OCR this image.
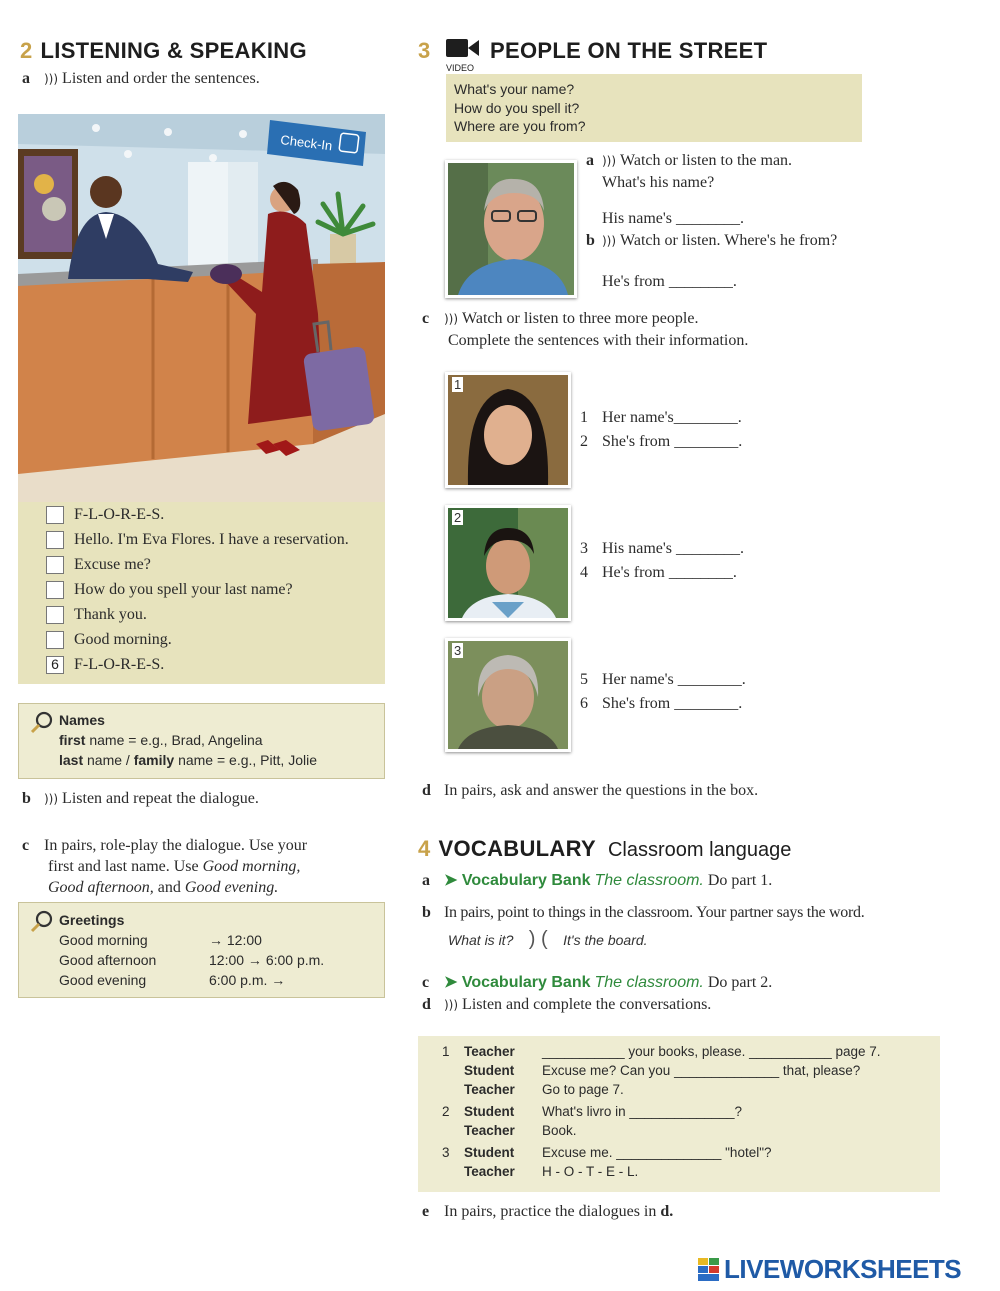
2 LISTENING & SPEAKING
a ))) Listen and order the sentences.
Check-In
F-L-O-R-E-S.
Hello. I'm Eva Flores. I have a reservation.
Excuse me?
How do you spell your last name?
Thank you.
Good morning.
6 F-L-O-R-E-S.
Names
first name = e.g., Brad, Angelina
last name / family name = e.g., Pitt, Jolie
b ))) Listen and repeat the dialogue.
c In pairs, role-play the dialogue. Use your
first and last name. Use Good morning,
Good afternoon, and Good evening.
Greetings
Good morning	→ 12:00
Good afternoon	12:00 → 6:00 p.m.
Good evening	6:00 p.m. →
3
VIDEO
PEOPLE ON THE STREET
What's your name?
How do you spell it?
Where are you from?
a ))) Watch or listen to the man.
What's his name?
His name's ________.
b ))) Watch or listen. Where's he from?
He's from ________.
c ))) Watch or listen to three more people.
Complete the sentences with their information.
1
1 Her name's________.
2 She's from ________.
2
3 His name's ________.
4 He's from ________.
3
5 Her name's ________.
6 She's from ________.
d In pairs, ask and answer the questions in the box.
4 VOCABULARY Classroom language
a ➤ Vocabulary Bank The classroom. Do part 1.
b In pairs, point to things in the classroom. Your partner says the word.
What is it? ) ( It's the board.
c ➤ Vocabulary Bank The classroom. Do part 2.
d ))) Listen and complete the conversations.
1 Teacher ___________ your books, please. ___________ page 7.
Student Excuse me? Can you ______________ that, please?
Teacher Go to page 7.
2 Student What's livro in ______________?
Teacher Book.
3 Student Excuse me. ______________ "hotel"?
Teacher H - O - T - E - L.
e In pairs, practice the dialogues in d.
LIVEWORKSHEETS
